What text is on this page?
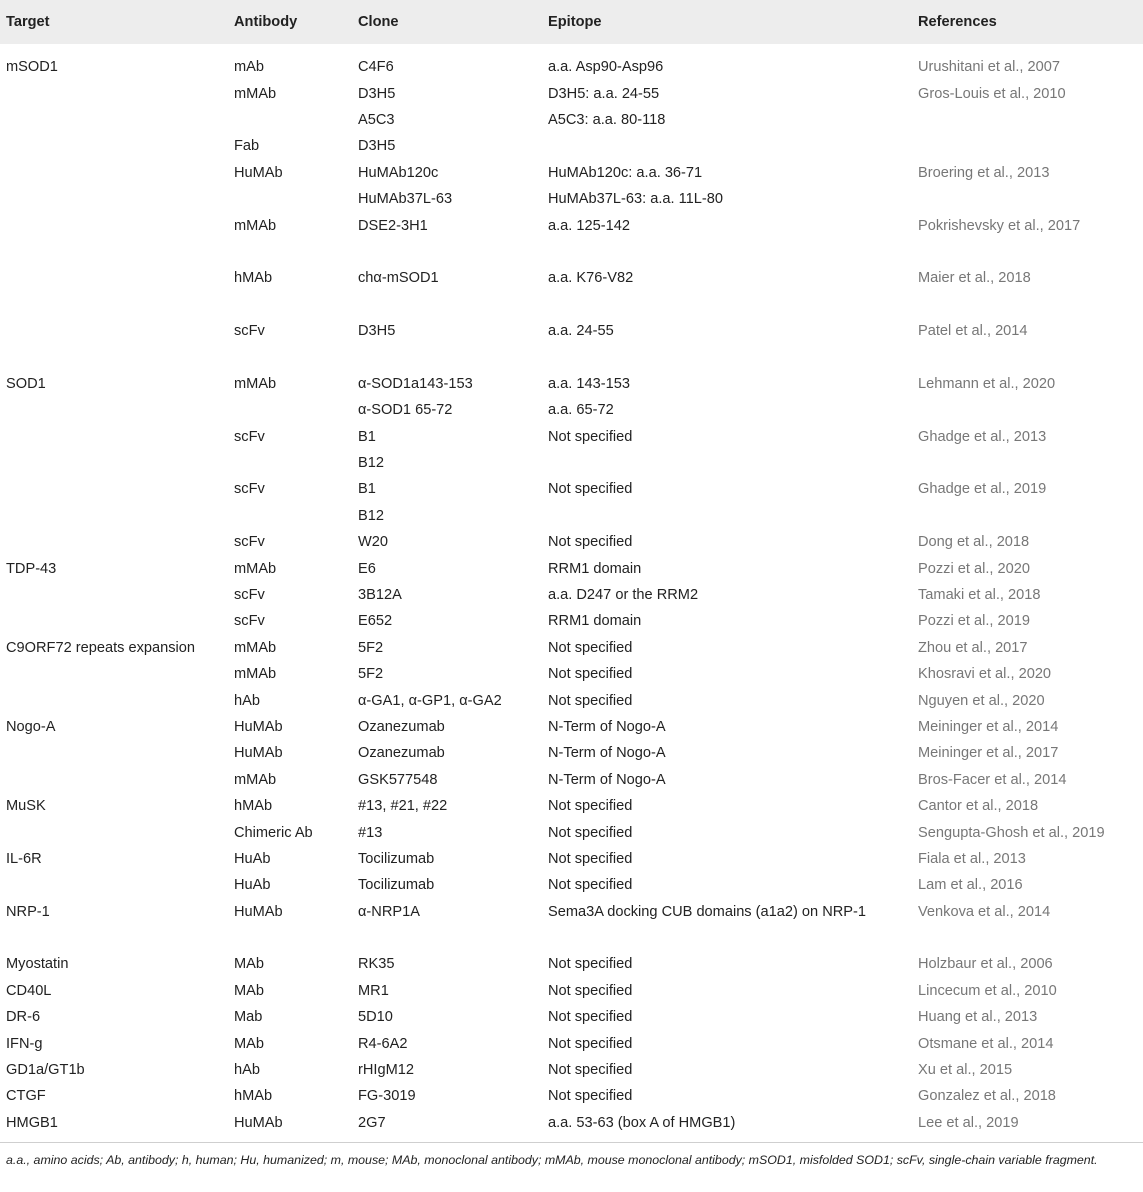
Target	Antibody	Clone	Epitope	References
mSOD1	mAb	C4F6	a.a. Asp90-Asp96	Urushitani et al., 2007
	mMAb	D3H5	D3H5: a.a. 24-55	Gros-Louis et al., 2010
		A5C3	A5C3: a.a. 80-118	
	Fab	D3H5		
	HuMAb	HuMAb120c	HuMAb120c: a.a. 36-71	Broering et al., 2013
		HuMAb37L-63	HuMAb37L-63: a.a. 11L-80	
	mMAb	DSE2-3H1	a.a. 125-142	Pokrishevsky et al., 2017

	hMAb	chα-mSOD1	a.a. K76-V82	Maier et al., 2018

	scFv	D3H5	a.a. 24-55	Patel et al., 2014

SOD1	mMAb	α-SOD1a143-153	a.a. 143-153	Lehmann et al., 2020
		α-SOD1 65-72	a.a. 65-72	
	scFv	B1	Not specified	Ghadge et al., 2013
		B12		
	scFv	B1	Not specified	Ghadge et al., 2019
		B12		
	scFv	W20	Not specified	Dong et al., 2018
TDP-43	mMAb	E6	RRM1 domain	Pozzi et al., 2020
	scFv	3B12A	a.a. D247 or the RRM2	Tamaki et al., 2018
	scFv	E652	RRM1 domain	Pozzi et al., 2019
C9ORF72 repeats expansion	mMAb	5F2	Not specified	Zhou et al., 2017
	mMAb	5F2	Not specified	Khosravi et al., 2020
	hAb	α-GA1, α-GP1, α-GA2	Not specified	Nguyen et al., 2020
Nogo-A	HuMAb	Ozanezumab	N-Term of Nogo-A	Meininger et al., 2014
	HuMAb	Ozanezumab	N-Term of Nogo-A	Meininger et al., 2017
	mMAb	GSK577548	N-Term of Nogo-A	Bros-Facer et al., 2014
MuSK	hMAb	#13, #21, #22	Not specified	Cantor et al., 2018
	Chimeric Ab	#13	Not specified	Sengupta-Ghosh et al., 2019
IL-6R	HuAb	Tocilizumab	Not specified	Fiala et al., 2013
	HuAb	Tocilizumab	Not specified	Lam et al., 2016
NRP-1	HuMAb	α-NRP1A	Sema3A docking CUB domains (a1a2) on NRP-1	Venkova et al., 2014

Myostatin	MAb	RK35	Not specified	Holzbaur et al., 2006
CD40L	MAb	MR1	Not specified	Lincecum et al., 2010
DR-6	Mab	5D10	Not specified	Huang et al., 2013
IFN-g	MAb	R4-6A2	Not specified	Otsmane et al., 2014
GD1a/GT1b	hAb	rHIgM12	Not specified	Xu et al., 2015
CTGF	hMAb	FG-3019	Not specified	Gonzalez et al., 2018
HMGB1	HuMAb	2G7	a.a. 53-63 (box A of HMGB1)	Lee et al., 2019
a.a., amino acids; Ab, antibody; h, human; Hu, humanized; m, mouse; MAb, monoclonal antibody; mMAb, mouse monoclonal antibody; mSOD1, misfolded SOD1; scFv, single-chain variable fragment.
